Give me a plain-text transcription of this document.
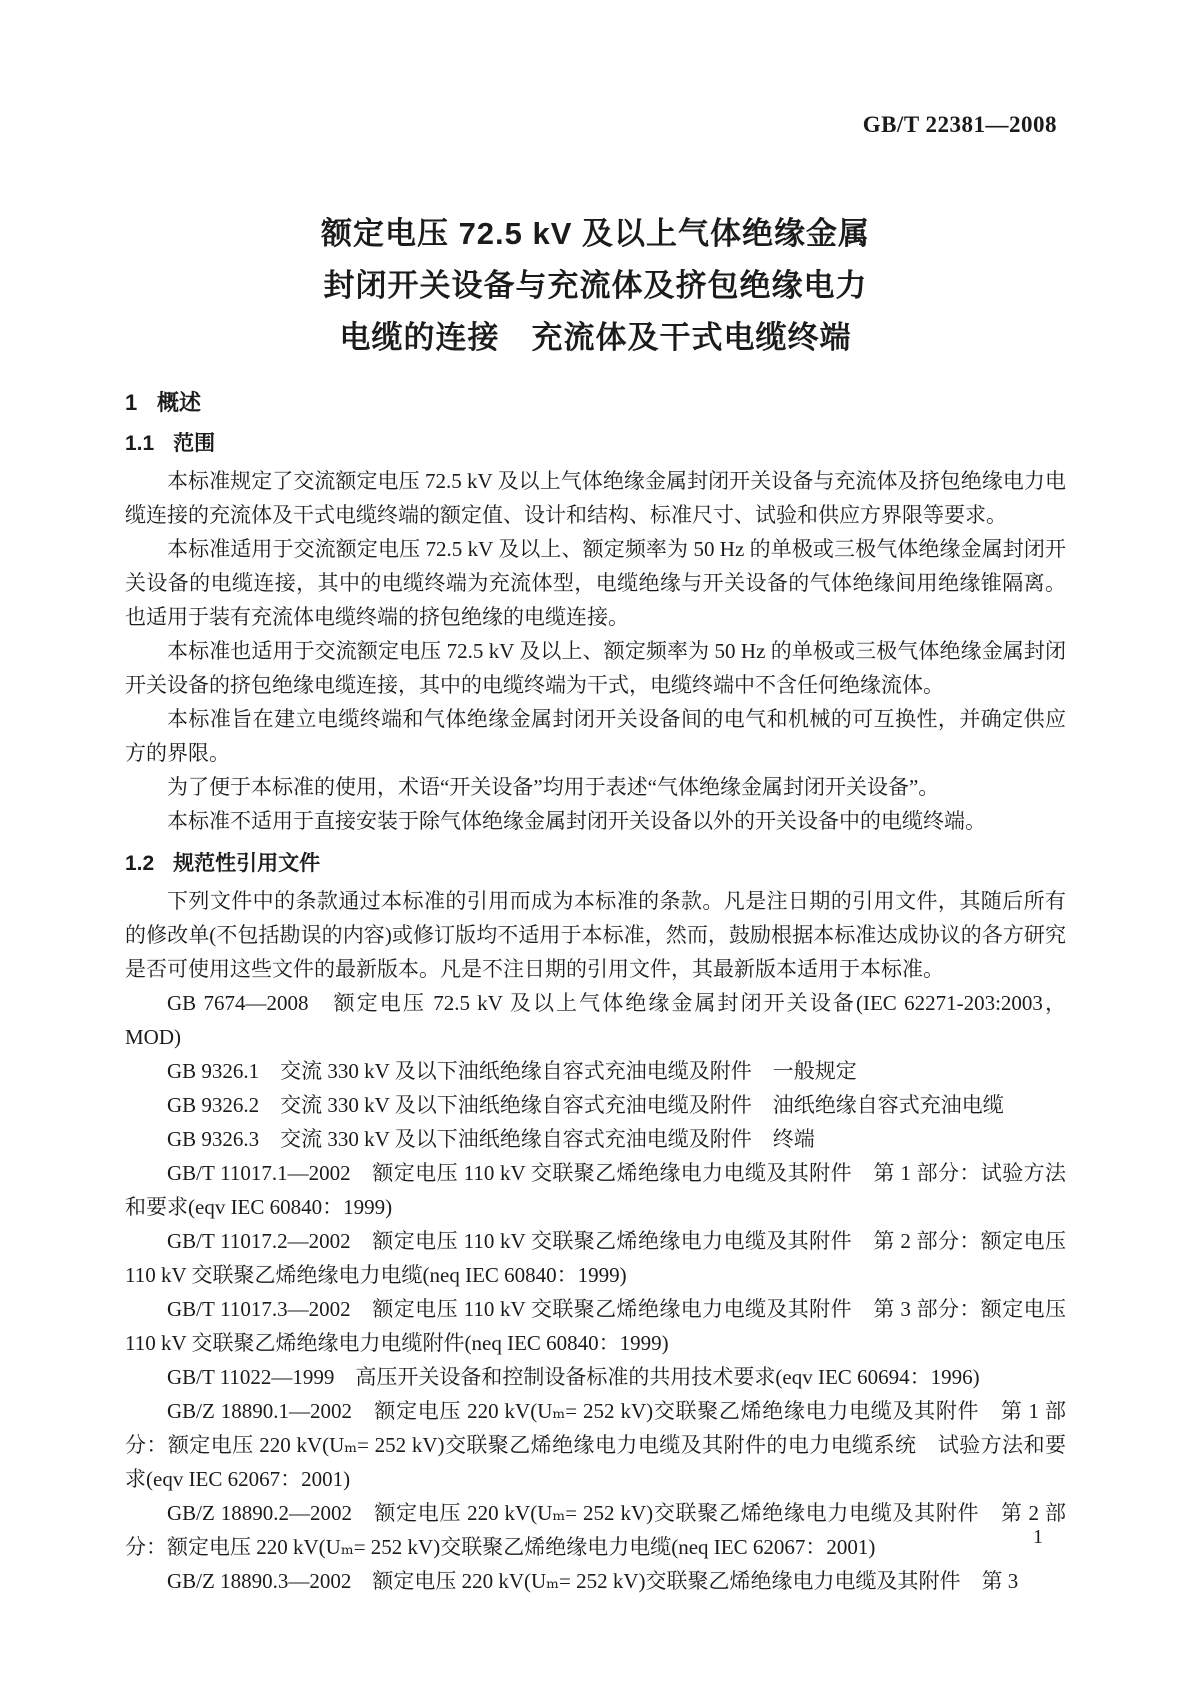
GB/T 22381—2008
额定电压 72.5 kV 及以上气体绝缘金属
封闭开关设备与充流体及挤包绝缘电力
电缆的连接　充流体及干式电缆终端
1 概述
1.1 范围

本标准规定了交流额定电压 72.5 kV 及以上气体绝缘金属封闭开关设备与充流体及挤包绝缘电力电缆连接的充流体及干式电缆终端的额定值、设计和结构、标准尺寸、试验和供应方界限等要求。

本标准适用于交流额定电压 72.5 kV 及以上、额定频率为 50 Hz 的单极或三极气体绝缘金属封闭开关设备的电缆连接，其中的电缆终端为充流体型，电缆绝缘与开关设备的气体绝缘间用绝缘锥隔离。也适用于装有充流体电缆终端的挤包绝缘的电缆连接。

本标准也适用于交流额定电压 72.5 kV 及以上、额定频率为 50 Hz 的单极或三极气体绝缘金属封闭开关设备的挤包绝缘电缆连接，其中的电缆终端为干式，电缆终端中不含任何绝缘流体。

本标准旨在建立电缆终端和气体绝缘金属封闭开关设备间的电气和机械的可互换性，并确定供应方的界限。

为了便于本标准的使用，术语“开关设备”均用于表述“气体绝缘金属封闭开关设备”。

本标准不适用于直接安装于除气体绝缘金属封闭开关设备以外的开关设备中的电缆终端。

1.2 规范性引用文件

下列文件中的条款通过本标准的引用而成为本标准的条款。凡是注日期的引用文件，其随后所有的修改单(不包括勘误的内容)或修订版均不适用于本标准，然而，鼓励根据本标准达成协议的各方研究是否可使用这些文件的最新版本。凡是不注日期的引用文件，其最新版本适用于本标准。

GB 7674—2008　额定电压 72.5 kV 及以上气体绝缘金属封闭开关设备(IEC 62271-203:2003，MOD)

GB 9326.1　交流 330 kV 及以下油纸绝缘自容式充油电缆及附件　一般规定

GB 9326.2　交流 330 kV 及以下油纸绝缘自容式充油电缆及附件　油纸绝缘自容式充油电缆

GB 9326.3　交流 330 kV 及以下油纸绝缘自容式充油电缆及附件　终端

GB/T 11017.1—2002　额定电压 110 kV 交联聚乙烯绝缘电力电缆及其附件　第 1 部分：试验方法和要求(eqv IEC 60840：1999)

GB/T 11017.2—2002　额定电压 110 kV 交联聚乙烯绝缘电力电缆及其附件　第 2 部分：额定电压 110 kV 交联聚乙烯绝缘电力电缆(neq IEC 60840：1999)

GB/T 11017.3—2002　额定电压 110 kV 交联聚乙烯绝缘电力电缆及其附件　第 3 部分：额定电压 110 kV 交联聚乙烯绝缘电力电缆附件(neq IEC 60840：1999)

GB/T 11022—1999　高压开关设备和控制设备标准的共用技术要求(eqv IEC 60694：1996)

GB/Z 18890.1—2002　额定电压 220 kV(Uₘ= 252 kV)交联聚乙烯绝缘电力电缆及其附件　第 1 部分：额定电压 220 kV(Uₘ= 252 kV)交联聚乙烯绝缘电力电缆及其附件的电力电缆系统　试验方法和要求(eqv IEC 62067：2001)

GB/Z 18890.2—2002　额定电压 220 kV(Uₘ= 252 kV)交联聚乙烯绝缘电力电缆及其附件　第 2 部分：额定电压 220 kV(Uₘ= 252 kV)交联聚乙烯绝缘电力电缆(neq IEC 62067：2001)

GB/Z 18890.3—2002　额定电压 220 kV(Uₘ= 252 kV)交联聚乙烯绝缘电力电缆及其附件　第 3

1
